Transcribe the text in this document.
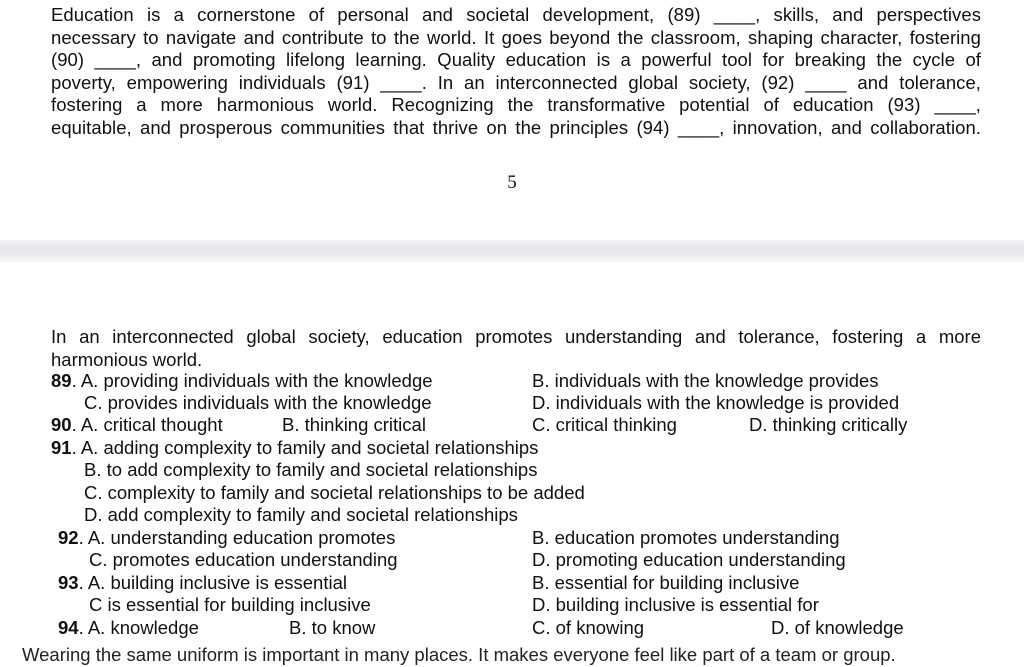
Education is a cornerstone of personal and societal development, (89) ____, skills, and perspectives
necessary to navigate and contribute to the world. It goes beyond the classroom, shaping character, fostering
(90) ____, and promoting lifelong learning. Quality education is a powerful tool for breaking the cycle of
poverty, empowering individuals (91) ____. In an interconnected global society, (92) ____ and tolerance,
fostering a more harmonious world. Recognizing the transformative potential of education (93) ____,
equitable, and prosperous communities that thrive on the principles (94) ____, innovation, and collaboration.
5
In an interconnected global society, education promotes understanding and tolerance, fostering a more
harmonious world.
89. A. providing individuals with the knowledge	B. individuals with the knowledge provides
C. provides individuals with the knowledge	D. individuals with the knowledge is provided
90. A. critical thought	B. thinking critical	C. critical thinking	D. thinking critically
91. A. adding complexity to family and societal relationships
B. to add complexity to family and societal relationships
C. complexity to family and societal relationships to be added
D. add complexity to family and societal relationships
92. A. understanding education promotes	B. education promotes understanding
C. promotes education understanding	D. promoting education understanding
93. A. building inclusive is essential	B. essential for building inclusive
C is essential for building inclusive	D. building inclusive is essential for
94. A. knowledge	B. to know	C. of knowing	D. of knowledge
Wearing the same uniform is important in many places. It makes everyone feel like part of a team or group.
